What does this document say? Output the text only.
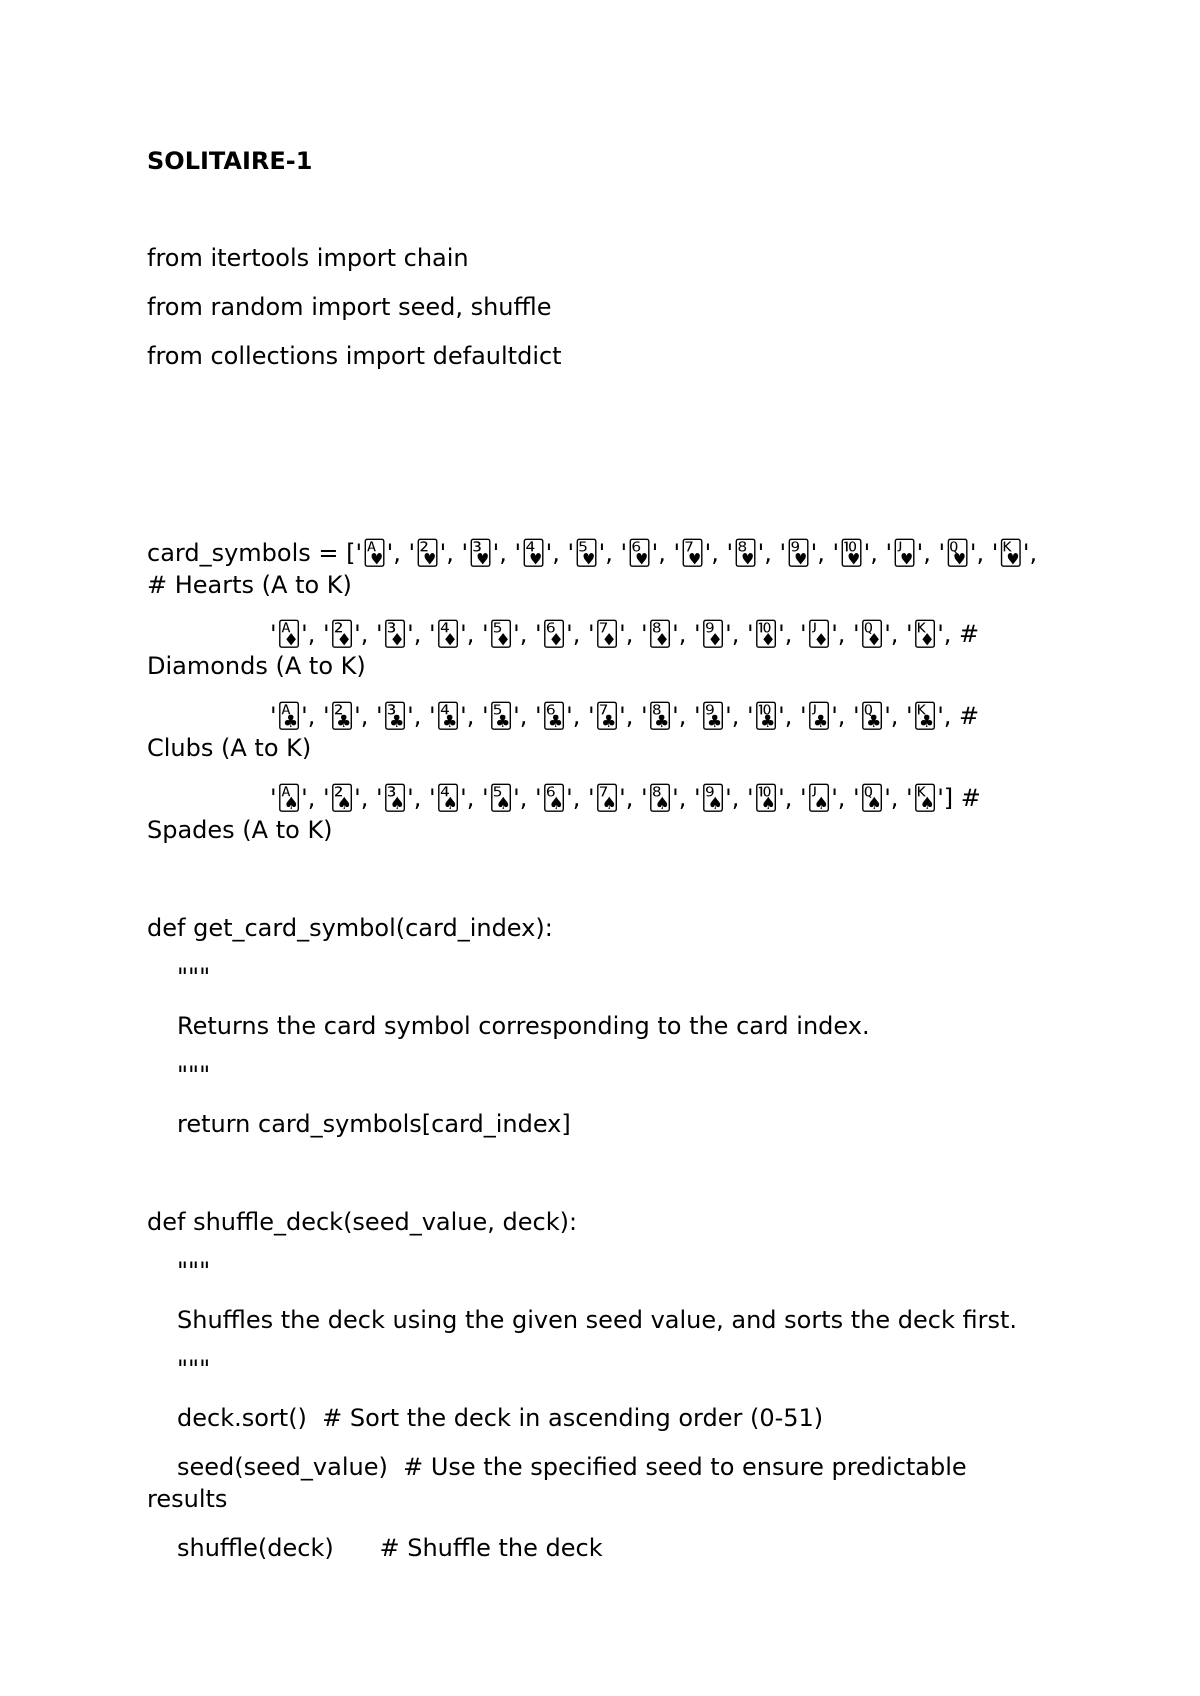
SOLITAIRE-1
from itertools import chain
from random import seed, shuffle
from collections import defaultdict
card_symbols = ['🂱', '🂲', '🂳', '🂴', '🂵', '🂶', '🂷', '🂸', '🂹', '🂺', '🂻', '🂽', '🂾',
# Hearts (A to K)
'🃁', '🃂', '🃃', '🃄', '🃅', '🃆', '🃇', '🃈', '🃉', '🃊', '🃋', '🃍', '🃎', #
Diamonds (A to K)
'🃑', '🃒', '🃓', '🃔', '🃕', '🃖', '🃗', '🃘', '🃙', '🃚', '🃛', '🃝', '🃞', #
Clubs (A to K)
'🂡', '🂢', '🂣', '🂤', '🂥', '🂦', '🂧', '🂨', '🂩', '🂪', '🂫', '🂭', '🂮'] #
Spades (A to K)
def get_card_symbol(card_index):
"""
Returns the card symbol corresponding to the card index.
"""
return card_symbols[card_index]
def shuffle_deck(seed_value, deck):
"""
Shuffles the deck using the given seed value, and sorts the deck first.
"""
deck.sort()  # Sort the deck in ascending order (0-51)
seed(seed_value)  # Use the specified seed to ensure predictable
results
shuffle(deck)      # Shuffle the deck
